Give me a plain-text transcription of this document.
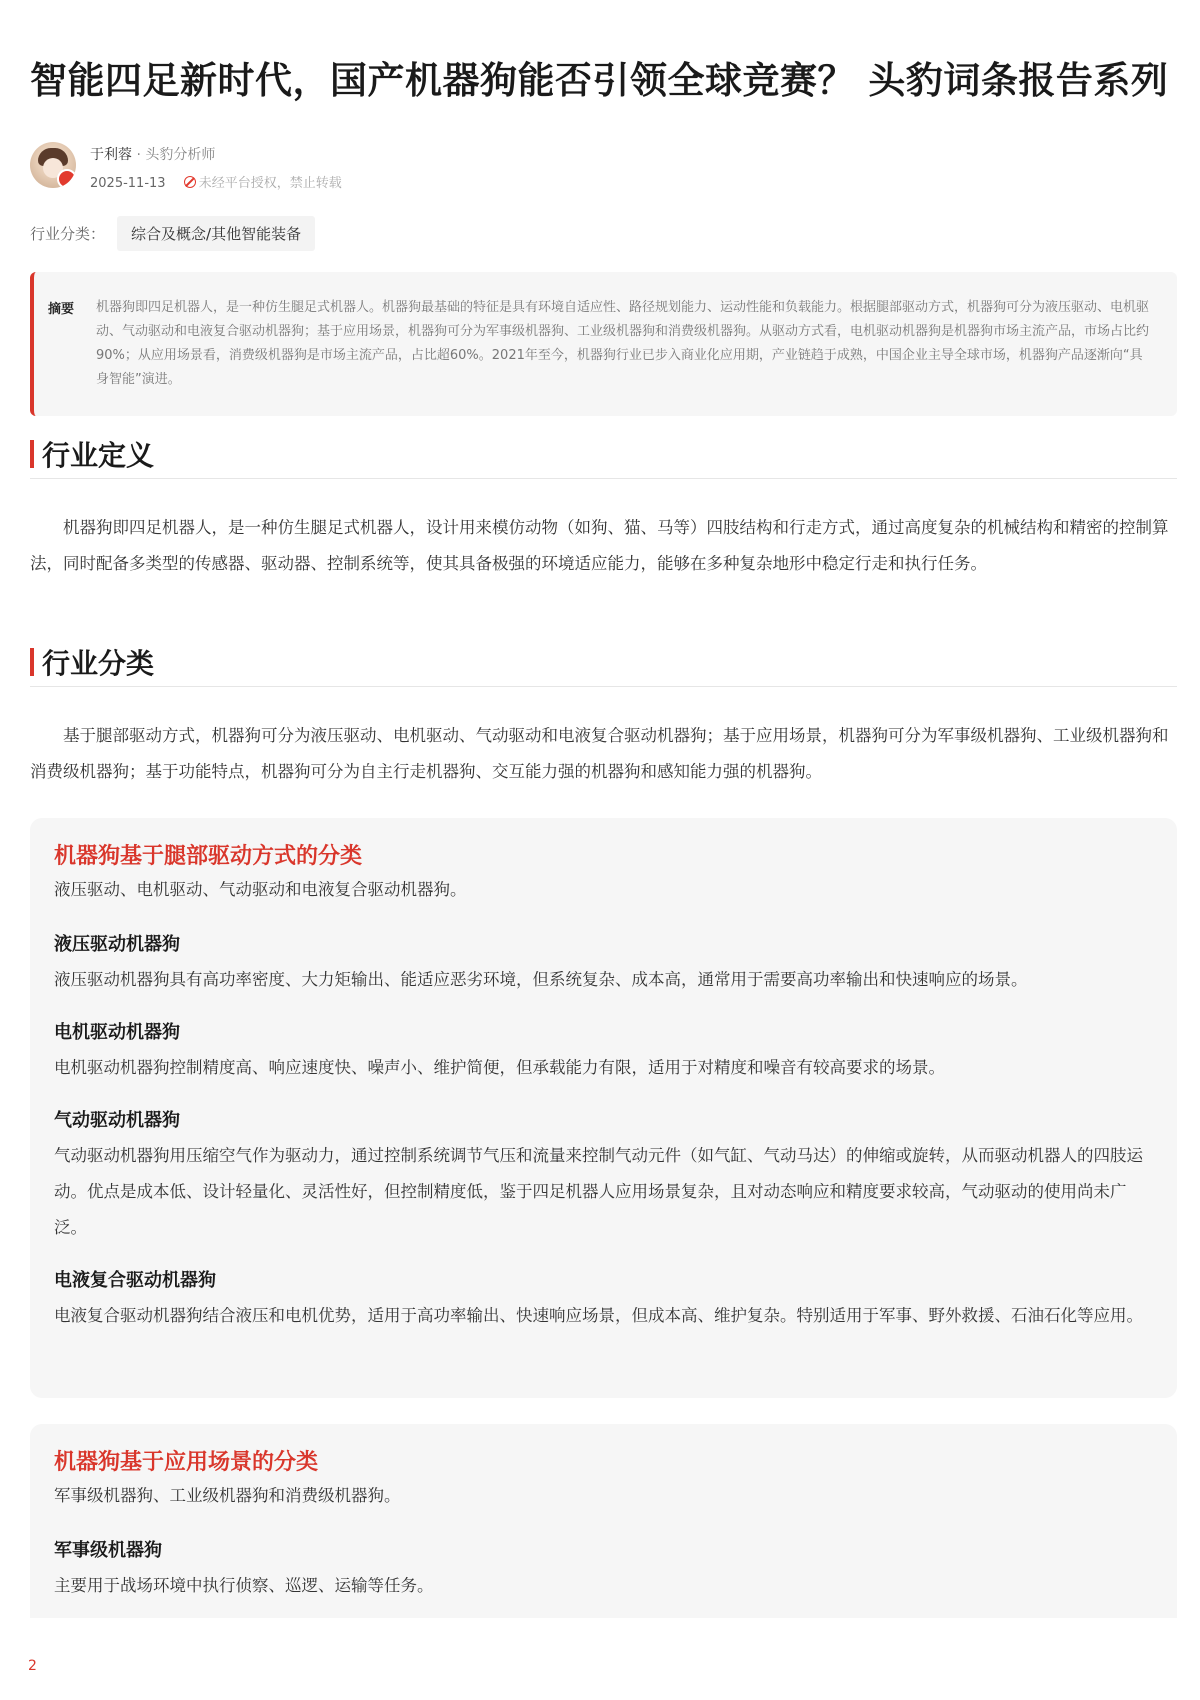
智能四足新时代，国产机器狗能否引领全球竞赛？ 头豹词条报告系列
于利蓉 · 头豹分析师
2025-11-13	未经平台授权，禁止转载
行业分类： 综合及概念/其他智能装备
摘要 机器狗即四足机器人，是一种仿生腿足式机器人。机器狗最基础的特征是具有环境自适应性、路径规划能力、运动性能和负载能力。根据腿部驱动方式，机器狗可分为液压驱动、电机驱动、气动驱动和电液复合驱动机器狗；基于应用场景，机器狗可分为军事级机器狗、工业级机器狗和消费级机器狗。从驱动方式看，电机驱动机器狗是机器狗市场主流产品，市场占比约90%；从应用场景看，消费级机器狗是市场主流产品，占比超60%。2021年至今，机器狗行业已步入商业化应用期，产业链趋于成熟，中国企业主导全球市场，机器狗产品逐渐向“具身智能”演进。
行业定义
机器狗即四足机器人，是一种仿生腿足式机器人，设计用来模仿动物（如狗、猫、马等）四肢结构和行走方式，通过高度复杂的机械结构和精密的控制算法，同时配备多类型的传感器、驱动器、控制系统等，使其具备极强的环境适应能力，能够在多种复杂地形中稳定行走和执行任务。
行业分类
基于腿部驱动方式，机器狗可分为液压驱动、电机驱动、气动驱动和电液复合驱动机器狗；基于应用场景，机器狗可分为军事级机器狗、工业级机器狗和消费级机器狗；基于功能特点，机器狗可分为自主行走机器狗、交互能力强的机器狗和感知能力强的机器狗。
机器狗基于腿部驱动方式的分类
液压驱动、电机驱动、气动驱动和电液复合驱动机器狗。
液压驱动机器狗
液压驱动机器狗具有高功率密度、大力矩输出、能适应恶劣环境，但系统复杂、成本高，通常用于需要高功率输出和快速响应的场景。
电机驱动机器狗
电机驱动机器狗控制精度高、响应速度快、噪声小、维护简便，但承载能力有限，适用于对精度和噪音有较高要求的场景。
气动驱动机器狗
气动驱动机器狗用压缩空气作为驱动力，通过控制系统调节气压和流量来控制气动元件（如气缸、气动马达）的伸缩或旋转，从而驱动机器人的四肢运动。优点是成本低、设计轻量化、灵活性好，但控制精度低，鉴于四足机器人应用场景复杂，且对动态响应和精度要求较高，气动驱动的使用尚未广泛。
电液复合驱动机器狗
电液复合驱动机器狗结合液压和电机优势，适用于高功率输出、快速响应场景，但成本高、维护复杂。特别适用于军事、野外救援、石油石化等应用。
机器狗基于应用场景的分类
军事级机器狗、工业级机器狗和消费级机器狗。
军事级机器狗
主要用于战场环境中执行侦察、巡逻、运输等任务。
2
